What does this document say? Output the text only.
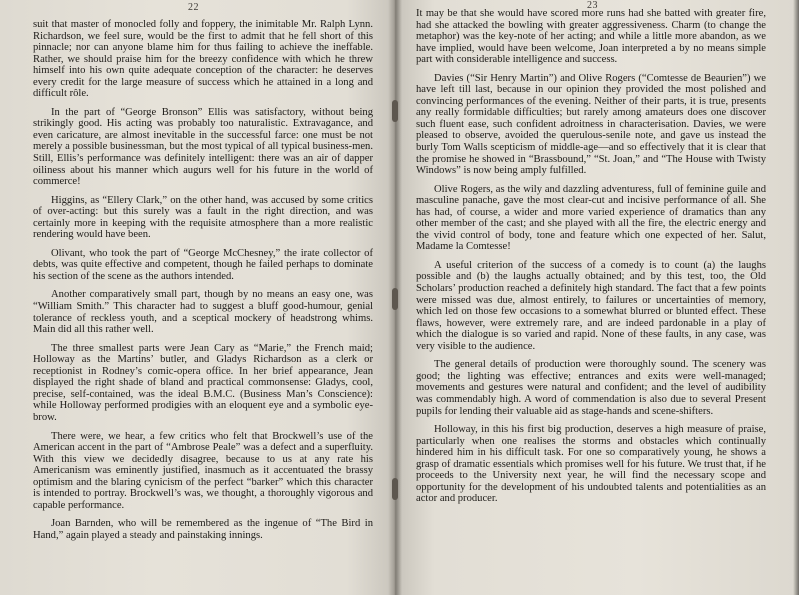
22

suit that master of monocled folly and foppery, the inimitable Mr. Ralph Lynn. Richardson, we feel sure, would be the first to admit that he fell short of this pinnacle; nor can anyone blame him for thus failing to achieve the ineffable. Rather, we should praise him for the breezy confidence with which he threw himself into his own quite adequate conception of the character: he deserves every credit for the large measure of success which he attained in a long and difficult rôle.

In the part of “George Bronson” Ellis was satisfactory, without being strikingly good. His acting was probably too naturalistic. Extravagance, and even caricature, are almost inevitable in the successful farce: one must be not merely a possible businessman, but the most typical of all typical business-men. Still, Ellis’s performance was definitely intelligent: there was an air of dapper oiliness about his manner which augurs well for his future in the world of commerce!

Higgins, as “Ellery Clark,” on the other hand, was accused by some critics of over-acting: but this surely was a fault in the right direction, and was certainly more in keeping with the requisite atmosphere than a more realistic rendering would have been.

Olivant, who took the part of “George McChesney,” the irate collector of debts, was quite effective and competent, though he failed perhaps to dominate his section of the scene as the authors intended.

Another comparatively small part, though by no means an easy one, was “William Smith.” This character had to suggest a bluff good-humour, genial tolerance of reckless youth, and a sceptical mockery of headstrong whims. Main did all this rather well.

The three smallest parts were Jean Cary as “Marie,” the French maid; Holloway as the Martins’ butler, and Gladys Richardson as a clerk or receptionist in Rodney’s comic-opera office. In her brief appearance, Jean displayed the right shade of bland and practical commonsense: Gladys, cool, precise, self-contained, was the ideal B.M.C. (Business Man’s Conscience): while Holloway performed prodigies with an eloquent eye and a symbolic eye-brow.

There were, we hear, a few critics who felt that Brockwell’s use of the American accent in the part of “Ambrose Peale” was a defect and a superfluity. With this view we decidedly disagree, because to us at any rate his Americanism was eminently justified, inasmuch as it accentuated the brassy optimism and the blaring cynicism of the perfect “barker” which this character is intended to portray. Brockwell’s was, we thought, a thoroughly vigorous and capable performance.

Joan Barnden, who will be remembered as the ingenue of “The Bird in Hand,” again played a steady and painstaking innings.

23

It may be that she would have scored more runs had she batted with greater fire, had she attacked the bowling with greater aggressiveness. Charm (to change the metaphor) was the key-note of her acting; and while a little more abandon, as we have implied, would have been welcome, Joan interpreted a by no means simple part with considerable intelligence and success.

Davies (“Sir Henry Martin”) and Olive Rogers (“Comtesse de Beaurien”) we have left till last, because in our opinion they provided the most polished and convincing performances of the evening. Neither of their parts, it is true, presents any really formidable difficulties; but rarely among amateurs does one discover such fluent ease, such confident adroitness in characterisation. Davies, we were pleased to observe, avoided the querulous-senile note, and gave us instead the burly Tom Walls scepticism of middle-age—and so effectively that it is clear that the promise he showed in “Brassbound,” “St. Joan,” and “The House with Twisty Windows” is now being amply fulfilled.

Olive Rogers, as the wily and dazzling adventuress, full of feminine guile and masculine panache, gave the most clear-cut and incisive performance of all. She has had, of course, a wider and more varied experience of dramatics than any other member of the cast; and she played with all the fire, the electric energy and the vivid control of body, tone and feature which one expected of her. Salut, Madame la Comtesse!

A useful criterion of the success of a comedy is to count (a) the laughs possible and (b) the laughs actually obtained; and by this test, too, the Old Scholars’ production reached a definitely high standard. The fact that a few points were missed was due, almost entirely, to failures or uncertainties of memory, which led on those few occasions to a somewhat blurred or blunted effect. These flaws, however, were extremely rare, and are indeed pardonable in a play of which the dialogue is so varied and rapid. None of these faults, in any case, was very visible to the audience.

The general details of production were thoroughly sound. The scenery was good; the lighting was effective; entrances and exits were well-managed; movements and gestures were natural and confident; and the level of audibility was commendably high. A word of commendation is also due to several Present pupils for lending their valuable aid as stage-hands and scene-shifters.

Holloway, in this his first big production, deserves a high measure of praise, particularly when one realises the storms and obstacles which continually hindered him in his difficult task. For one so comparatively young, he shows a grasp of dramatic essentials which promises well for his future. We trust that, if he proceeds to the University next year, he will find the necessary scope and opportunity for the development of his undoubted talents and potentialities as an actor and producer.
